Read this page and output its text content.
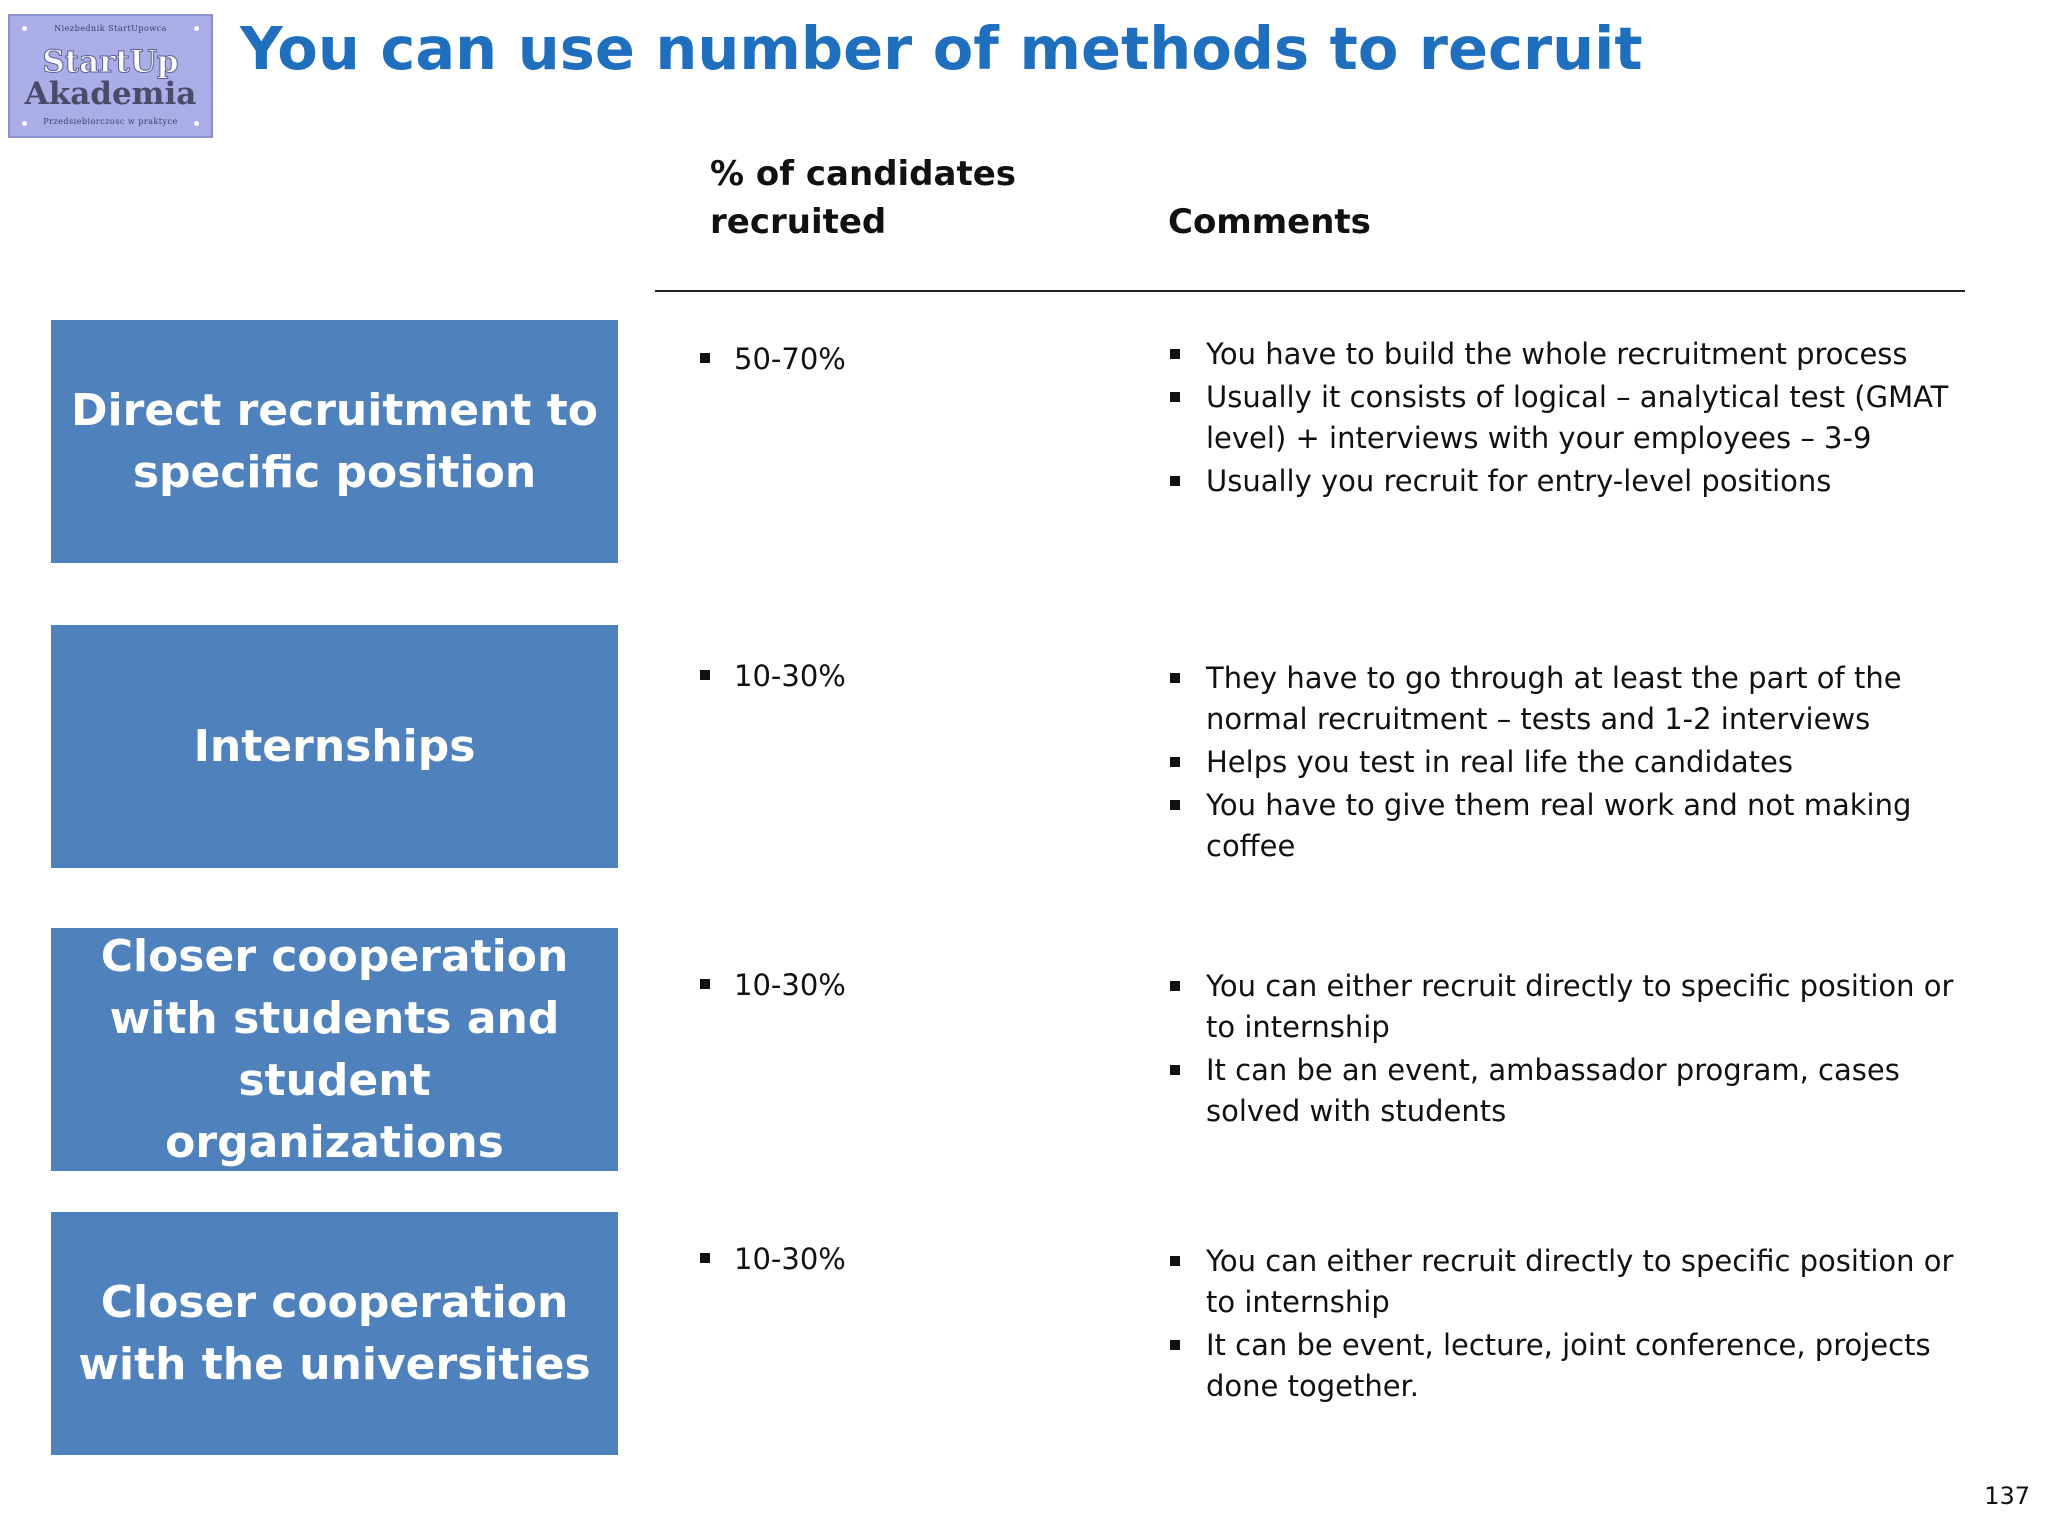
Niezbednik StartUpowca
StartUp
Akademia
Przedsiebiorczosc w praktyce
You can use number of methods to recruit
% of candidates
recruited	Comments
Direct recruitment to specific position
50-70%	You have to build the whole recruitment process
Usually it consists of logical – analytical test (GMAT level) + interviews with your employees – 3-9
Usually you recruit for entry-level positions
Internships
10-30%	They have to go through at least the part of the normal recruitment – tests and 1-2 interviews
Helps you test in real life the candidates
You have to give them real work and not making coffee
Closer cooperation with students and student organizations
10-30%	You can either recruit directly to specific position or to internship
It can be an event, ambassador program, cases solved with students
Closer cooperation with the universities
10-30%	You can either recruit directly to specific position or to internship
It can be event, lecture, joint conference, projects done together.
137
